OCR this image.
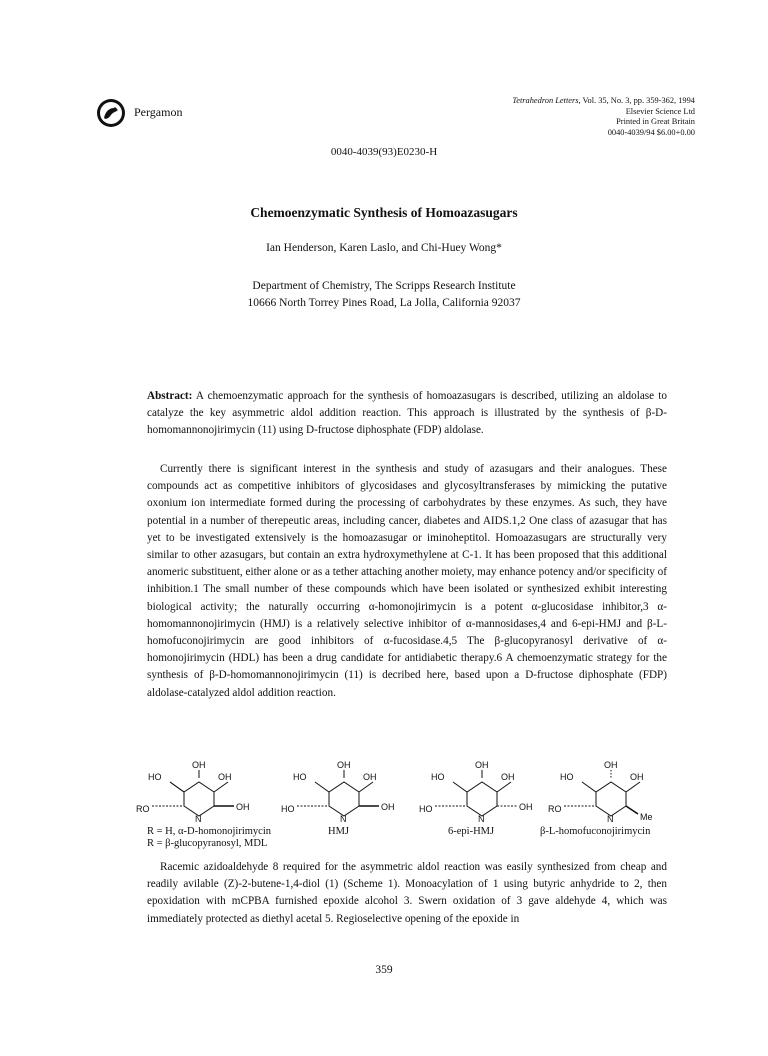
Pergamon
Tetrahedron Letters, Vol. 35, No. 3, pp. 359-362, 1994
Elsevier Science Ltd
Printed in Great Britain
0040-4039/94 $6.00+0.00
0040-4039(93)E0230-H
Chemoenzymatic Synthesis of Homoazasugars
Ian Henderson, Karen Laslo, and Chi-Huey Wong*
Department of Chemistry, The Scripps Research Institute
10666 North Torrey Pines Road, La Jolla, California 92037
Abstract: A chemoenzymatic approach for the synthesis of homoazasugars is described, utilizing an aldolase to catalyze the key asymmetric aldol addition reaction. This approach is illustrated by the synthesis of β-D-homomannonojirimycin (11) using D-fructose diphosphate (FDP) aldolase.

Currently there is significant interest in the synthesis and study of azasugars and their analogues. These compounds act as competitive inhibitors of glycosidases and glycosyltransferases by mimicking the putative oxonium ion intermediate formed during the processing of carbohydrates by these enzymes. As such, they have potential in a number of therepeutic areas, including cancer, diabetes and AIDS.1,2 One class of azasugar that has yet to be investigated extensively is the homoazasugar or iminoheptitol. Homoazasugars are structurally very similar to other azasugars, but contain an extra hydroxymethylene at C-1. It has been proposed that this additional anomeric substituent, either alone or as a tether attaching another moiety, may enhance potency and/or specificity of inhibition.1 The small number of these compounds which have been isolated or synthesized exhibit interesting biological activity; the naturally occurring α-homonojirimycin is a potent α-glucosidase inhibitor,3 α-homomannonojirimycin (HMJ) is a relatively selective inhibitor of α-mannosidases,4 and 6-epi-HMJ and β-L-homofuconojirimycin are good inhibitors of α-fucosidase.4,5 The β-glucopyranosyl derivative of α-homonojirimycin (HDL) has been a drug candidate for antidiabetic therapy.6 A chemoenzymatic strategy for the synthesis of β-D-homomannonojirimycin (11) is decribed here, based upon a D-fructose diphosphate (FDP) aldolase-catalyzed aldol addition reaction.

OH
HO	OH
RO	OH
N
OH
HO	OH
HO	OH
N
OH
HO	OH
HO	OH
N
OH
HO	OH
RO
Me
N
R = H, α-D-homonojirimycin
R = β-glucopyranosyl, MDL
HMJ	6-epi-HMJ	β-L-homofuconojirimycin

Racemic azidoaldehyde 8 required for the asymmetric aldol reaction was easily synthesized from cheap and readily avilable (Z)-2-butene-1,4-diol (1) (Scheme 1). Monoacylation of 1 using butyric anhydride to 2, then epoxidation with mCPBA furnished epoxide alcohol 3. Swern oxidation of 3 gave aldehyde 4, which was immediately protected as diethyl acetal 5. Regioselective opening of the epoxide in

359
